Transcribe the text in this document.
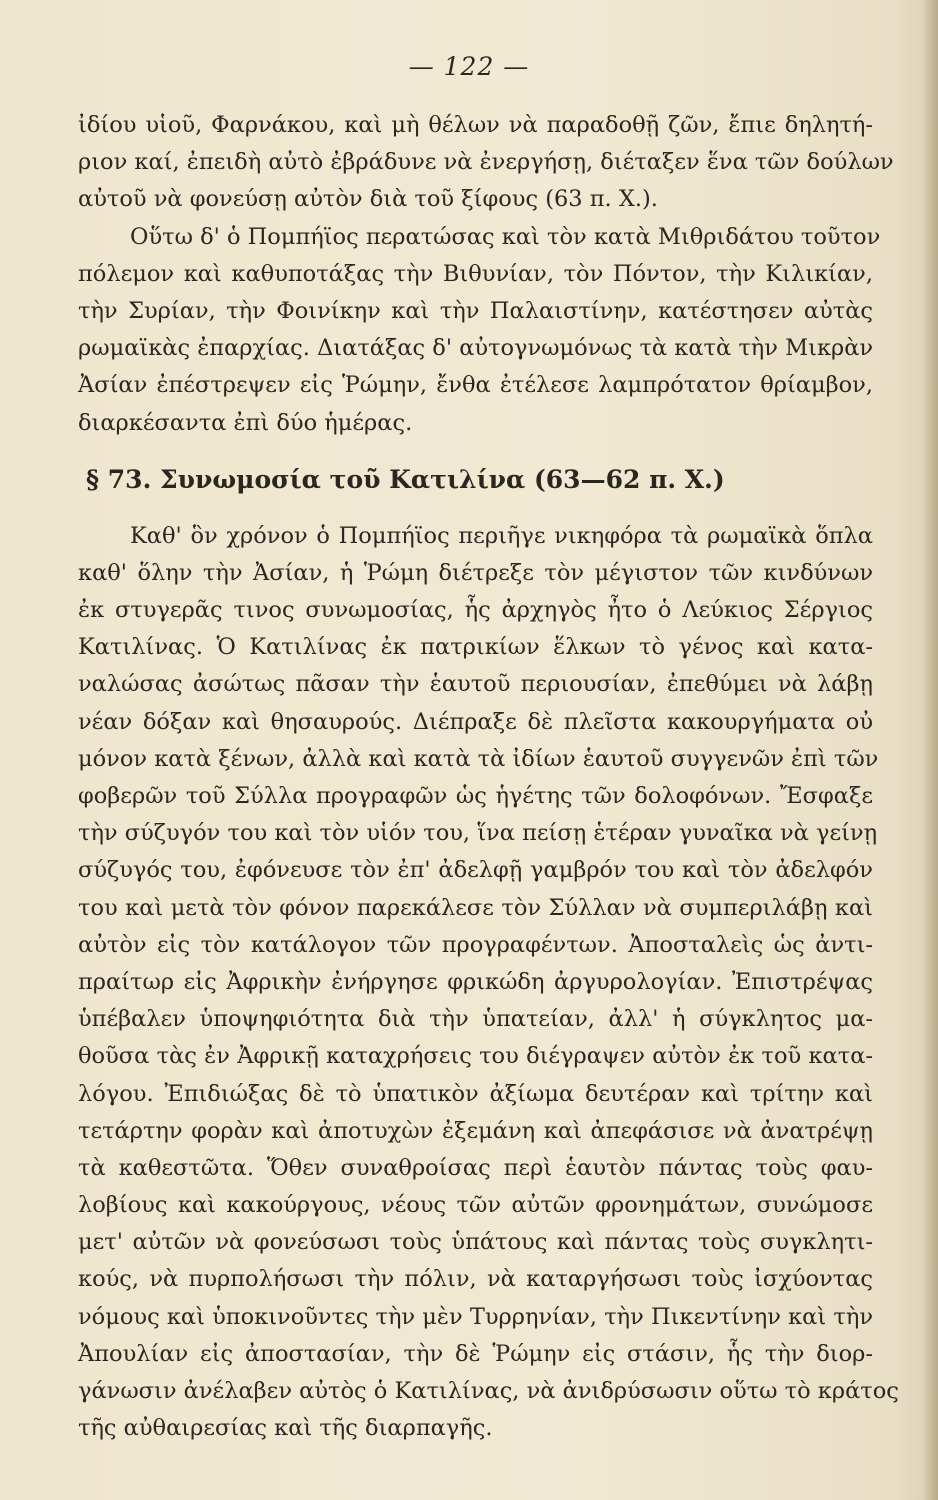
— 122 —
ἰδίου υἱοῦ, Φαρνάκου, καὶ μὴ θέλων νὰ παραδοθῇ ζῶν, ἔπιε δηλητή-
ριον καί, ἐπειδὴ αὐτὸ ἐβράδυνε νὰ ἐνεργήσῃ, διέταξεν ἕνα τῶν δούλων
αὐτοῦ νὰ φονεύσῃ αὐτὸν διὰ τοῦ ξίφους (63 π. Χ.).
Οὕτω δ' ὁ Πομπήϊος περατώσας καὶ τὸν κατὰ Μιθριδάτου τοῦτον
πόλεμον καὶ καθυποτάξας τὴν Βιθυνίαν, τὸν Πόντον, τὴν Κιλικίαν,
τὴν Συρίαν, τὴν Φοινίκην καὶ τὴν Παλαιστίνην, κατέστησεν αὐτὰς
ρωμαϊκὰς ἐπαρχίας. Διατάξας δ' αὐτογνωμόνως τὰ κατὰ τὴν Μικρὰν
Ἀσίαν ἐπέστρεψεν εἰς Ῥώμην, ἔνθα ἐτέλεσε λαμπρότατον θρίαμβον,
διαρκέσαντα ἐπὶ δύο ἡμέρας.
§ 73. Συνωμοσία τοῦ Κατιλίνα (63—62 π. Χ.)
Καθ' ὃν χρόνον ὁ Πομπήϊος περιῆγε νικηφόρα τὰ ρωμαϊκὰ ὅπλα
καθ' ὅλην τὴν Ἀσίαν, ἡ Ῥώμη διέτρεξε τὸν μέγιστον τῶν κινδύνων
ἐκ στυγερᾶς τινος συνωμοσίας, ἧς ἀρχηγὸς ἦτο ὁ Λεύκιος Σέργιος
Κατιλίνας. Ὁ Κατιλίνας ἐκ πατρικίων ἕλκων τὸ γένος καὶ κατα-
ναλώσας ἀσώτως πᾶσαν τὴν ἑαυτοῦ περιουσίαν, ἐπεθύμει νὰ λάβῃ
νέαν δόξαν καὶ θησαυρούς. Διέπραξε δὲ πλεῖστα κακουργήματα οὐ
μόνον κατὰ ξένων, ἀλλὰ καὶ κατὰ τὰ ἰδίων ἑαυτοῦ συγγενῶν ἐπὶ τῶν
φοβερῶν τοῦ Σύλλα προγραφῶν ὡς ἡγέτης τῶν δολοφόνων. Ἔσφαξε
τὴν σύζυγόν του καὶ τὸν υἱόν του, ἵνα πείσῃ ἑτέραν γυναῖκα νὰ γείνῃ
σύζυγός του, ἐφόνευσε τὸν ἐπ' ἀδελφῇ γαμβρόν του καὶ τὸν ἀδελφόν
του καὶ μετὰ τὸν φόνον παρεκάλεσε τὸν Σύλλαν νὰ συμπεριλάβῃ καὶ
αὐτὸν εἰς τὸν κατάλογον τῶν προγραφέντων. Ἀποσταλεὶς ὡς ἀντι-
πραίτωρ εἰς Ἀφρικὴν ἐνήργησε φρικώδη ἀργυρολογίαν. Ἐπιστρέψας
ὑπέβαλεν ὑποψηφιότητα διὰ τὴν ὑπατείαν, ἀλλ' ἡ σύγκλητος μα-
θοῦσα τὰς ἐν Ἀφρικῇ καταχρήσεις του διέγραψεν αὐτὸν ἐκ τοῦ κατα-
λόγου. Ἐπιδιώξας δὲ τὸ ὑπατικὸν ἀξίωμα δευτέραν καὶ τρίτην καὶ
τετάρτην φορὰν καὶ ἀποτυχὼν ἐξεμάνη καὶ ἀπεφάσισε νὰ ἀνατρέψῃ
τὰ καθεστῶτα. Ὅθεν συναθροίσας περὶ ἑαυτὸν πάντας τοὺς φαυ-
λοβίους καὶ κακούργους, νέους τῶν αὐτῶν φρονημάτων, συνώμοσε
μετ' αὐτῶν νὰ φονεύσωσι τοὺς ὑπάτους καὶ πάντας τοὺς συγκλητι-
κούς, νὰ πυρπολήσωσι τὴν πόλιν, νὰ καταργήσωσι τοὺς ἰσχύοντας
νόμους καὶ ὑποκινοῦντες τὴν μὲν Τυρρηνίαν, τὴν Πικεντίνην καὶ τὴν
Ἀπουλίαν εἰς ἀποστασίαν, τὴν δὲ Ῥώμην εἰς στάσιν, ἧς τὴν διορ-
γάνωσιν ἀνέλαβεν αὐτὸς ὁ Κατιλίνας, νὰ ἀνιδρύσωσιν οὕτω τὸ κράτος
τῆς αὐθαιρεσίας καὶ τῆς διαρπαγῆς.
